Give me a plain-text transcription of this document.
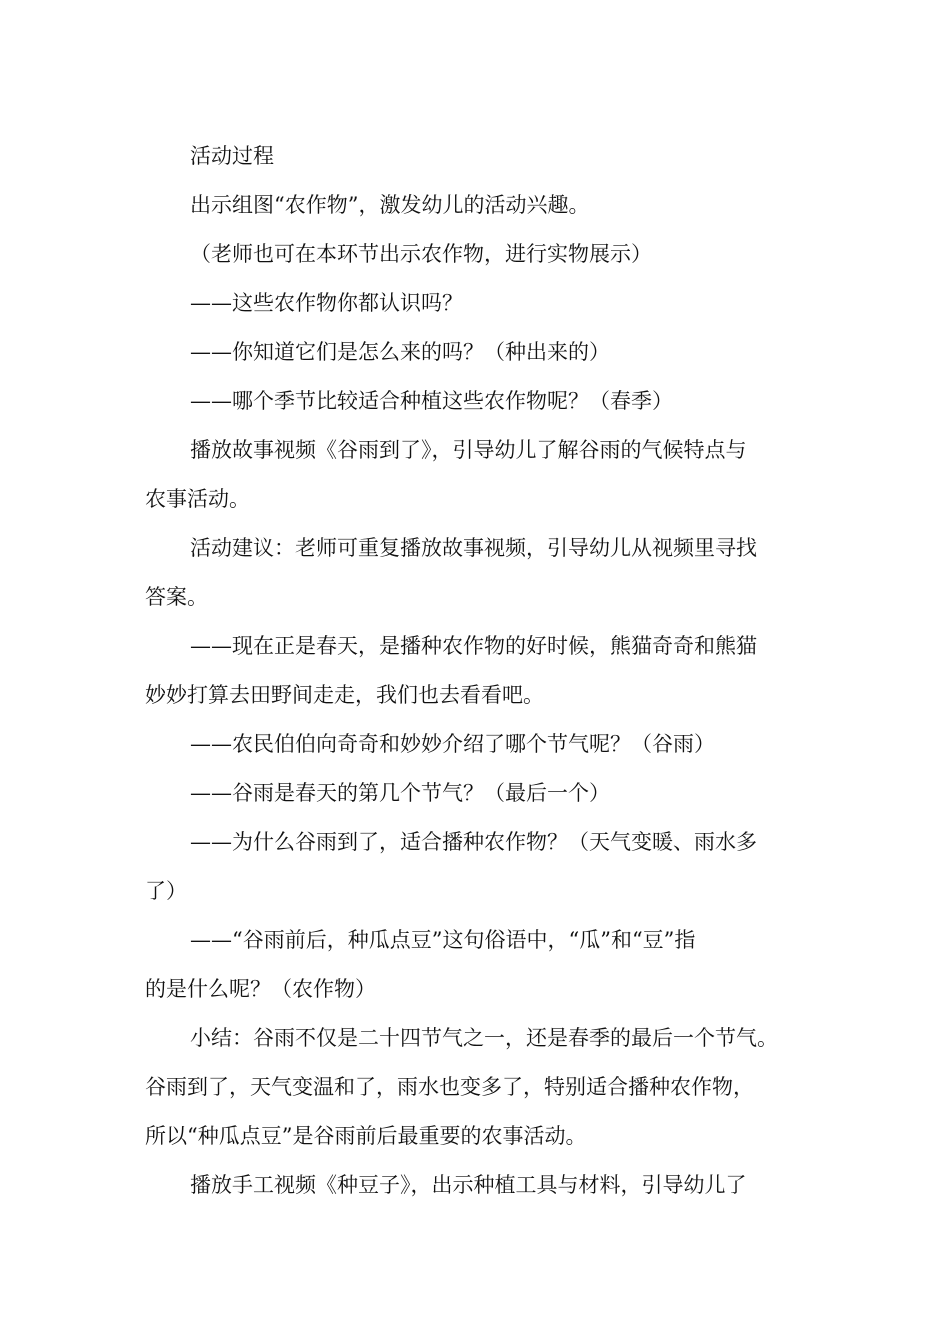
活动过程

出示组图“农作物”，激发幼儿的活动兴趣。

（老师也可在本环节出示农作物，进行实物展示）

——这些农作物你都认识吗？

——你知道它们是怎么来的吗？（种出来的）

——哪个季节比较适合种植这些农作物呢？（春季）

播放故事视频《谷雨到了》，引导幼儿了解谷雨的气候特点与

农事活动。

活动建议：老师可重复播放故事视频，引导幼儿从视频里寻找

答案。

——现在正是春天，是播种农作物的好时候，熊猫奇奇和熊猫

妙妙打算去田野间走走，我们也去看看吧。

——农民伯伯向奇奇和妙妙介绍了哪个节气呢？（谷雨）

——谷雨是春天的第几个节气？（最后一个）

——为什么谷雨到了，适合播种农作物？（天气变暖、雨水多

了）

——“谷雨前后，种瓜点豆”这句俗语中，“瓜”和“豆”指

的是什么呢？（农作物）

小结：谷雨不仅是二十四节气之一，还是春季的最后一个节气。

谷雨到了，天气变温和了，雨水也变多了，特别适合播种农作物，

所以“种瓜点豆”是谷雨前后最重要的农事活动。

播放手工视频《种豆子》，出示种植工具与材料，引导幼儿了
